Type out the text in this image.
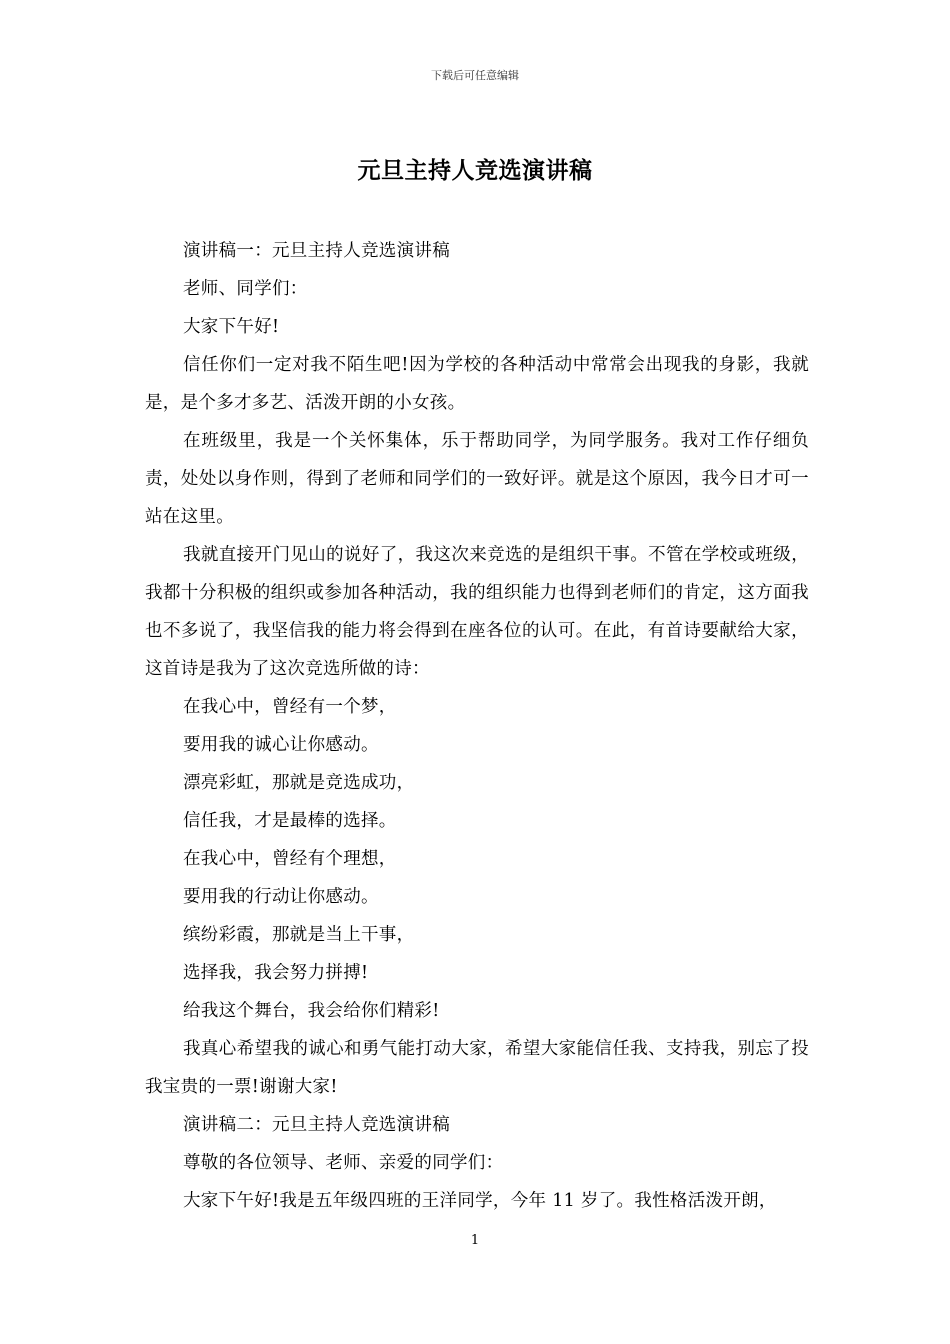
下载后可任意编辑
元旦主持人竞选演讲稿

演讲稿一：元旦主持人竞选演讲稿

老师、同学们：

大家下午好!

信任你们一定对我不陌生吧!因为学校的各种活动中常常会出现我的身影，我就是，是个多才多艺、活泼开朗的小女孩。

在班级里，我是一个关怀集体，乐于帮助同学，为同学服务。我对工作仔细负责，处处以身作则，得到了老师和同学们的一致好评。就是这个原因，我今日才可一站在这里。

我就直接开门见山的说好了，我这次来竞选的是组织干事。不管在学校或班级，我都十分积极的组织或参加各种活动，我的组织能力也得到老师们的肯定，这方面我也不多说了，我坚信我的能力将会得到在座各位的认可。在此，有首诗要献给大家，这首诗是我为了这次竞选所做的诗：

在我心中，曾经有一个梦，

要用我的诚心让你感动。

漂亮彩虹，那就是竞选成功，

信任我，才是最棒的选择。

在我心中，曾经有个理想，

要用我的行动让你感动。

缤纷彩霞，那就是当上干事，

选择我，我会努力拼搏!

给我这个舞台，我会给你们精彩!

我真心希望我的诚心和勇气能打动大家，希望大家能信任我、支持我，别忘了投我宝贵的一票!谢谢大家!

演讲稿二：元旦主持人竞选演讲稿

尊敬的各位领导、老师、亲爱的同学们：

大家下午好!我是五年级四班的王洋同学，今年 11 岁了。我性格活泼开朗，

1
